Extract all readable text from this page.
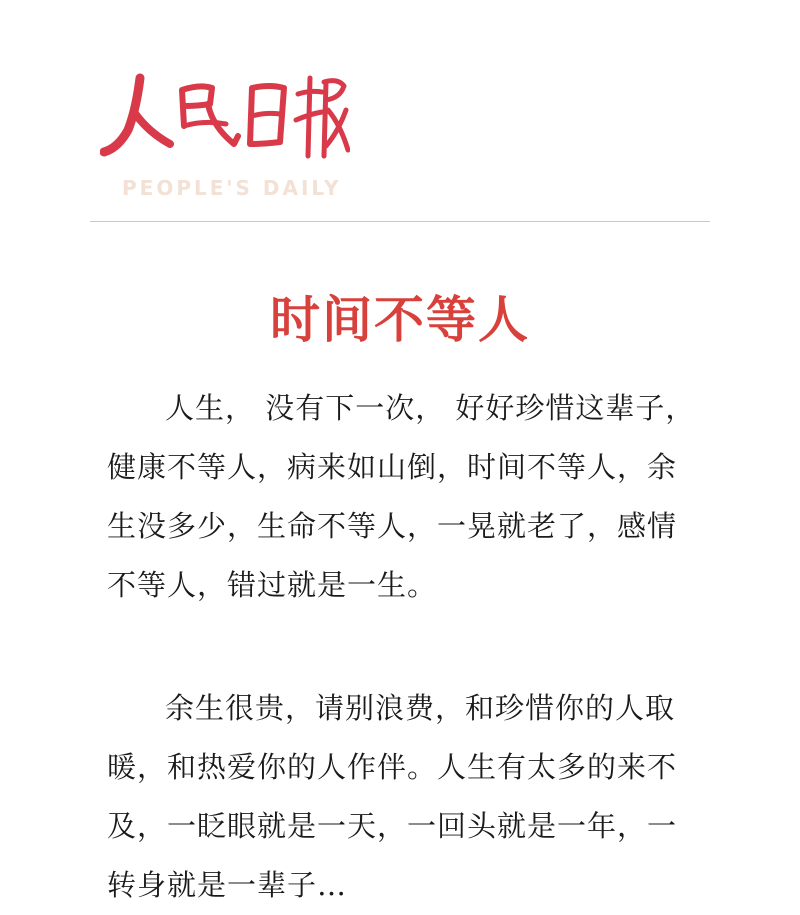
PEOPLE'S DAILY
时间不等人

人生， 没有下一次， 好好珍惜这辈子，健康不等人，病来如山倒，时间不等人，余生没多少，生命不等人，一晃就老了，感情不等人，错过就是一生。

余生很贵，请别浪费，和珍惜你的人取暖，和热爱你的人作伴。人生有太多的来不及，一眨眼就是一天，一回头就是一年，一转身就是一辈子…
